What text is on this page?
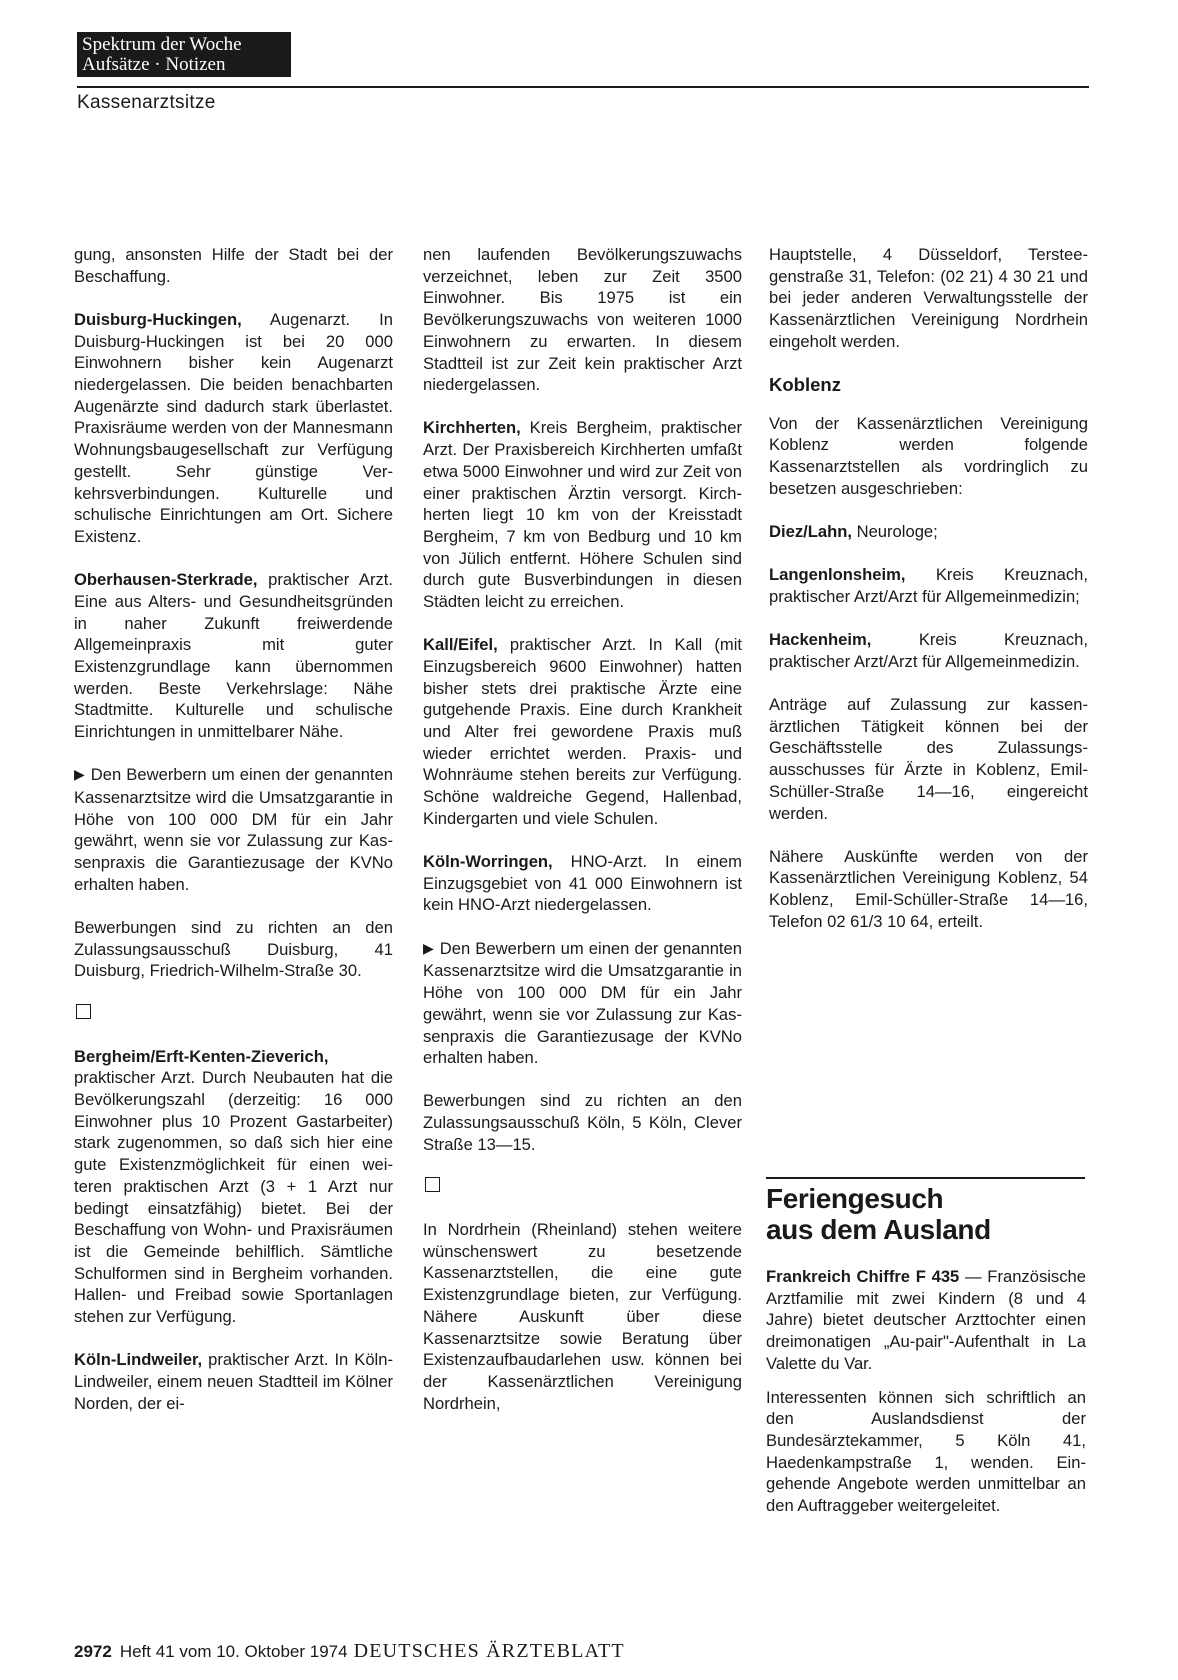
Spektrum der Woche
Aufsätze · Notizen
Kassenarztsitze

gung, ansonsten Hilfe der Stadt bei der Beschaffung.

Duisburg-Huckingen, Augenarzt. In Duisburg-Huckingen ist bei 20 000 Einwohnern bisher kein Augenarzt niedergelassen. Die beiden benachbarten Augenärzte sind dadurch stark überlastet. Praxisräume werden von der Mannesmann Wohnungsbaugesellschaft zur Verfügung gestellt. Sehr günstige Verkehrsverbindungen. Kulturelle und schulische Einrichtungen am Ort. Sichere Existenz.

Oberhausen-Sterkrade, praktischer Arzt. Eine aus Alters- und Gesundheitsgründen in naher Zukunft freiwerdende Allgemeinpraxis mit guter Existenzgrundlage kann übernommen werden. Beste Verkehrslage: Nähe Stadtmitte. Kulturelle und schulische Einrichtungen in unmittelbarer Nähe.

▶ Den Bewerbern um einen der genannten Kassenarztsitze wird die Umsatzgarantie in Höhe von 100 000 DM für ein Jahr gewährt, wenn sie vor Zulassung zur Kassenpraxis die Garantiezusage der KVNo erhalten haben.

Bewerbungen sind zu richten an den Zulassungsausschuß Duisburg, 41 Duisburg, Friedrich-Wilhelm-Straße 30.

Bergheim/Erft-Kenten-Zieverich, praktischer Arzt. Durch Neubauten hat die Bevölkerungszahl (derzeitig: 16 000 Einwohner plus 10 Prozent Gastarbeiter) stark zugenommen, so daß sich hier eine gute Existenzmöglichkeit für einen weiteren praktischen Arzt (3 + 1 Arzt nur bedingt einsatzfähig) bietet. Bei der Beschaffung von Wohn- und Praxisräumen ist die Gemeinde behilflich. Sämtliche Schulformen sind in Bergheim vorhanden. Hallen- und Freibad sowie Sportanlagen stehen zur Verfügung.

Köln-Lindweiler, praktischer Arzt. In Köln-Lindweiler, einem neuen Stadtteil im Kölner Norden, der ei-

nen laufenden Bevölkerungszuwachs verzeichnet, leben zur Zeit 3500 Einwohner. Bis 1975 ist ein Bevölkerungszuwachs von weiteren 1000 Einwohnern zu erwarten. In diesem Stadtteil ist zur Zeit kein praktischer Arzt niedergelassen.

Kirchherten, Kreis Bergheim, praktischer Arzt. Der Praxisbereich Kirchherten umfaßt etwa 5000 Einwohner und wird zur Zeit von einer praktischen Ärztin versorgt. Kirchherten liegt 10 km von der Kreisstadt Bergheim, 7 km von Bedburg und 10 km von Jülich entfernt. Höhere Schulen sind durch gute Busverbindungen in diesen Städten leicht zu erreichen.

Kall/Eifel, praktischer Arzt. In Kall (mit Einzugsbereich 9600 Einwohner) hatten bisher stets drei praktische Ärzte eine gutgehende Praxis. Eine durch Krankheit und Alter frei gewordene Praxis muß wieder errichtet werden. Praxis- und Wohnräume stehen bereits zur Verfügung. Schöne waldreiche Gegend, Hallenbad, Kindergarten und viele Schulen.

Köln-Worringen, HNO-Arzt. In einem Einzugsgebiet von 41 000 Einwohnern ist kein HNO-Arzt niedergelassen.

▶ Den Bewerbern um einen der genannten Kassenarztsitze wird die Umsatzgarantie in Höhe von 100 000 DM für ein Jahr gewährt, wenn sie vor Zulassung zur Kassenpraxis die Garantiezusage der KVNo erhalten haben.

Bewerbungen sind zu richten an den Zulassungsausschuß Köln, 5 Köln, Clever Straße 13—15.

In Nordrhein (Rheinland) stehen weitere wünschenswert zu besetzende Kassenarztstellen, die eine gute Existenzgrundlage bieten, zur Verfügung. Nähere Auskunft über diese Kassenarztsitze sowie Beratung über Existenzaufbaudarlehen usw. können bei der Kassenärztlichen Vereinigung Nordrhein,

Hauptstelle, 4 Düsseldorf, Tersteegenstraße 31, Telefon: (02 21) 4 30 21 und bei jeder anderen Verwaltungsstelle der Kassenärztlichen Vereinigung Nordrhein eingeholt werden.

Koblenz

Von der Kassenärztlichen Vereinigung Koblenz werden folgende Kassenarztstellen als vordringlich zu besetzen ausgeschrieben:

Diez/Lahn, Neurologe;

Langenlonsheim, Kreis Kreuznach, praktischer Arzt/Arzt für Allgemeinmedizin;

Hackenheim, Kreis Kreuznach, praktischer Arzt/Arzt für Allgemeinmedizin.

Anträge auf Zulassung zur kassenärztlichen Tätigkeit können bei der Geschäftsstelle des Zulassungsausschusses für Ärzte in Koblenz, Emil-Schüller-Straße 14—16, eingereicht werden.

Nähere Auskünfte werden von der Kassenärztlichen Vereinigung Koblenz, 54 Koblenz, Emil-Schüller-Straße 14—16, Telefon 02 61/3 10 64, erteilt.

Feriengesuch
aus dem Ausland

Frankreich Chiffre F 435 — Französische Arztfamilie mit zwei Kindern (8 und 4 Jahre) bietet deutscher Arzttochter einen dreimonatigen „Au-pair"-Aufenthalt in La Valette du Var.

Interessenten können sich schriftlich an den Auslandsdienst der Bundesärztekammer, 5 Köln 41, Haedenkampstraße 1, wenden. Eingehende Angebote werden unmittelbar an den Auftraggeber weitergeleitet.

2972 Heft 41 vom 10. Oktober 1974 DEUTSCHES ÄRZTEBLATT
